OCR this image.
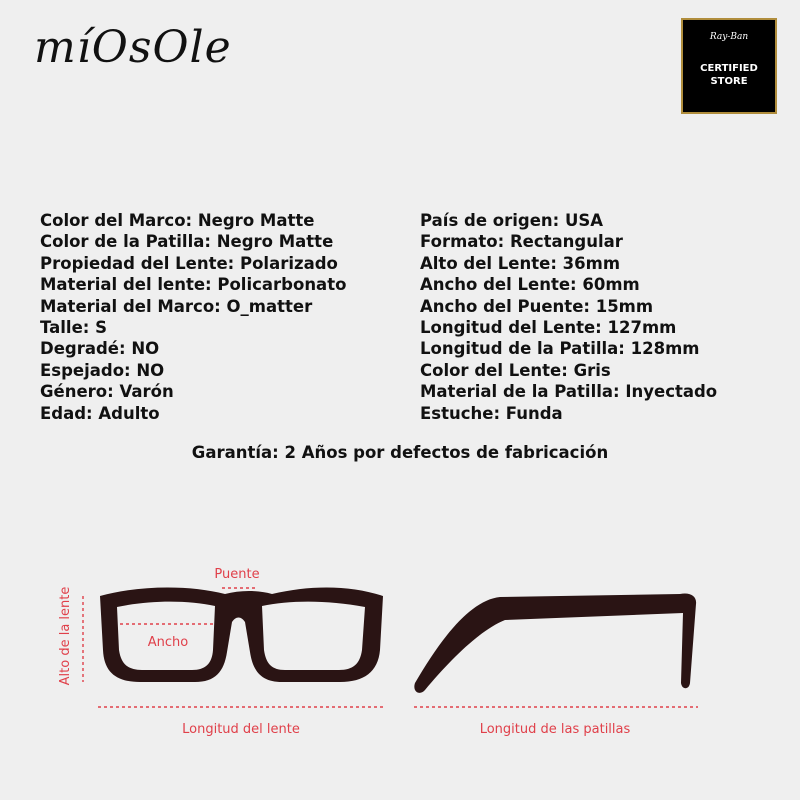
míOsOle	Ray-Ban
CERTIFIED
STORE
Color del Marco: Negro Matte
Color de la Patilla: Negro Matte
Propiedad del Lente: Polarizado
Material del lente: Policarbonato
Material del Marco: O_matter
Talle: S
Degradé: NO
Espejado: NO
Género: Varón
Edad: Adulto
País de origen: USA
Formato: Rectangular
Alto del Lente: 36mm
Ancho del Lente: 60mm
Ancho del Puente: 15mm
Longitud del Lente: 127mm
Longitud de la Patilla: 128mm
Color del Lente: Gris
Material de la Patilla: Inyectado
Estuche: Funda
Garantía: 2 Años por defectos de fabricación
Puente
Ancho
Alto de la lente
Longitud del lente	Longitud de las patillas
